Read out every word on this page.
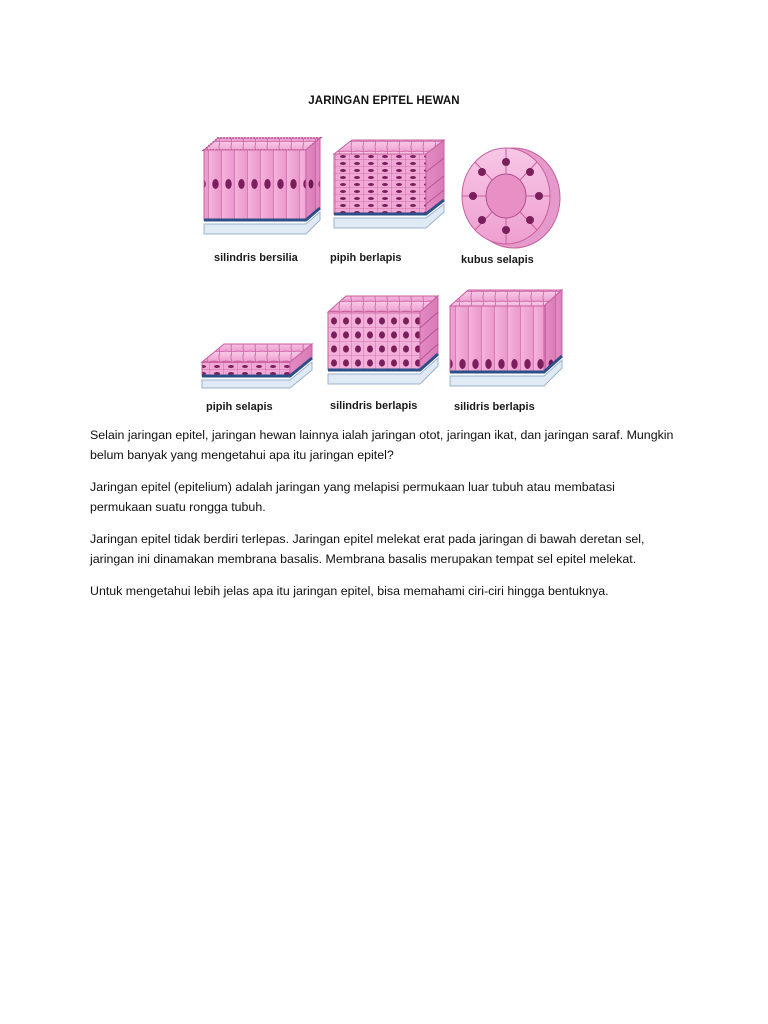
JARINGAN EPITEL HEWAN
silindris bersilia	pipih berlapis	kubus selapis
pipih selapis	silindris berlapis	silidris berlapis

Selain jaringan epitel, jaringan hewan lainnya ialah jaringan otot, jaringan ikat, dan jaringan saraf. Mungkin belum banyak yang mengetahui apa itu jaringan epitel?

Jaringan epitel (epitelium) adalah jaringan yang melapisi permukaan luar tubuh atau membatasi permukaan suatu rongga tubuh.

Jaringan epitel tidak berdiri terlepas. Jaringan epitel melekat erat pada jaringan di bawah deretan sel, jaringan ini dinamakan membrana basalis. Membrana basalis merupakan tempat sel epitel melekat.

Untuk mengetahui lebih jelas apa itu jaringan epitel, bisa memahami ciri-ciri hingga bentuknya.
